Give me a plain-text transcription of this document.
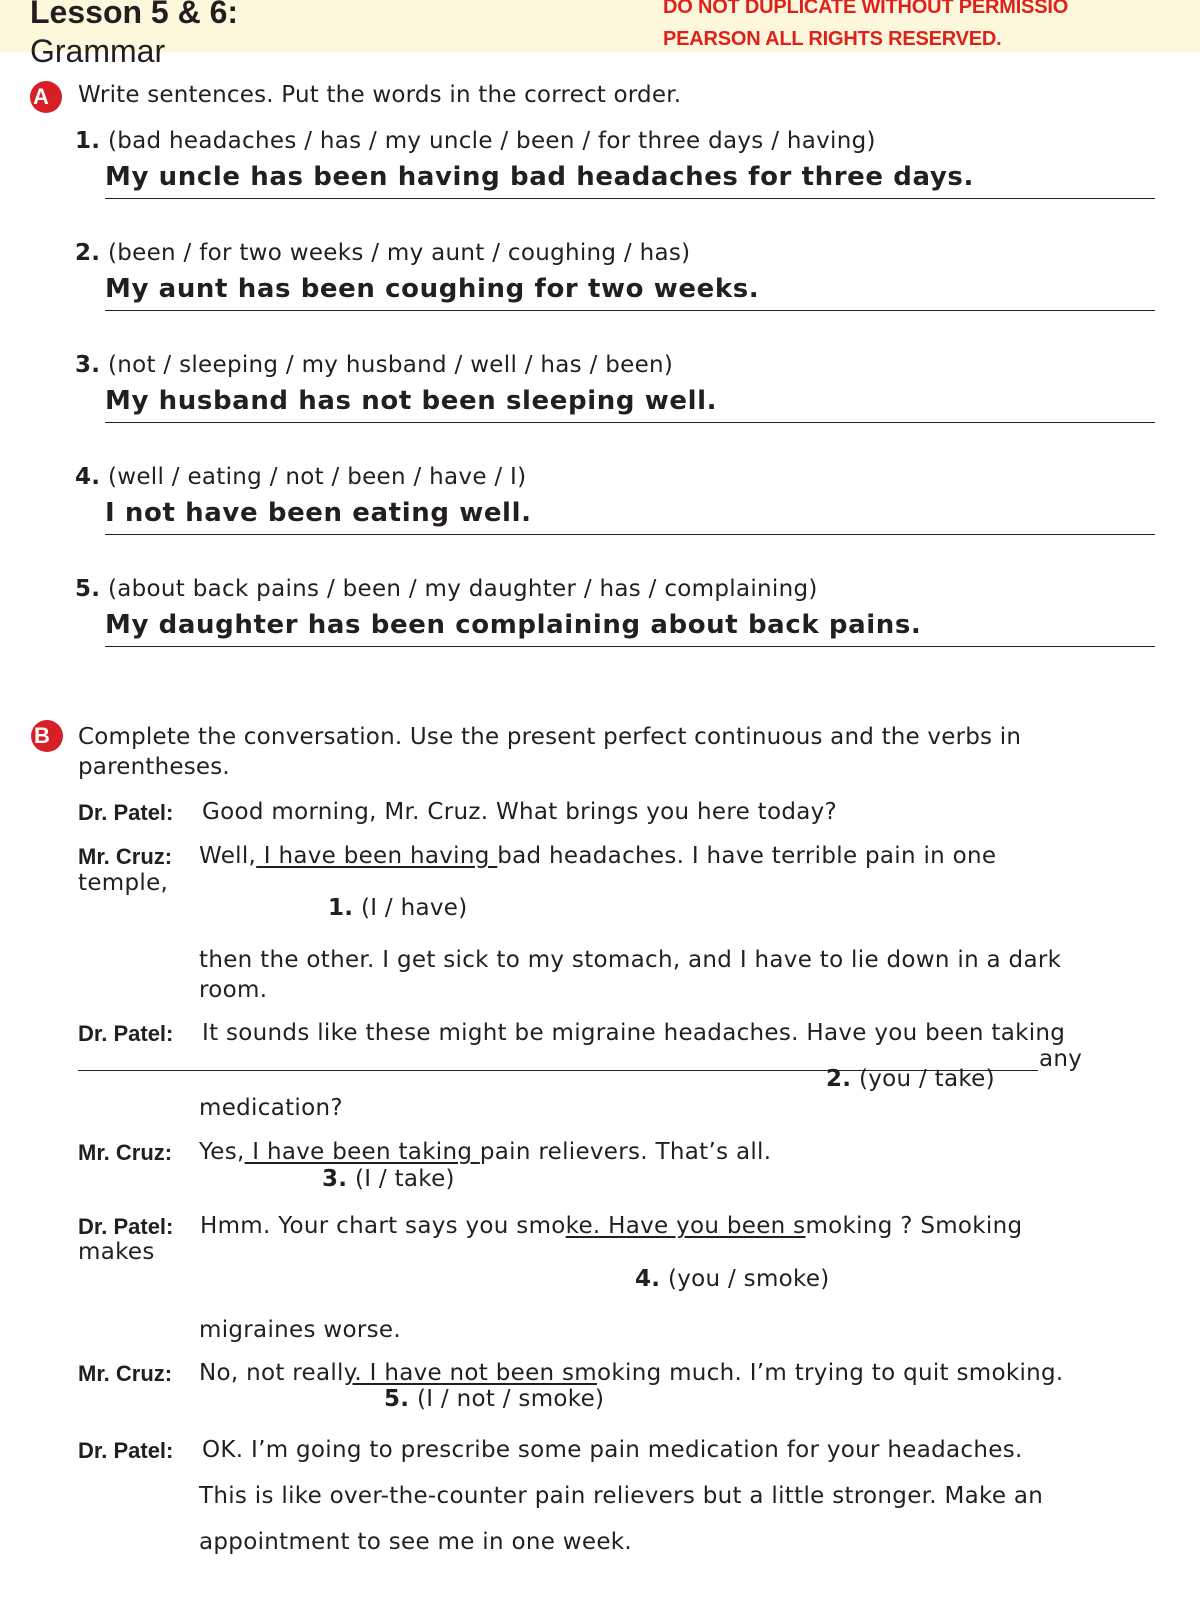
Lesson 5 & 6:
Grammar
DO NOT DUPLICATE WITHOUT PERMISSIO
PEARSON ALL RIGHTS RESERVED.
A	Write sentences. Put the words in the correct order.
1. (bad headaches / has / my uncle / been / for three days / having)
My uncle has been having bad headaches for three days.
2. (been / for two weeks / my aunt / coughing / has)
My aunt has been coughing for two weeks.
3. (not / sleeping / my husband / well / has / been)
My husband has not been sleeping well.
4. (well / eating / not / been / have / I)
I not have been eating well.
5. (about back pains / been / my daughter / has / complaining)
My daughter has been complaining about back pains.
B	Complete the conversation. Use the present perfect continuous and the verbs in parentheses.
Dr. Patel: Good morning, Mr. Cruz. What brings you here today?
Mr. Cruz: Well, I have been having bad headaches. I have terrible pain in one
temple,
1. (I / have)
then the other. I get sick to my stomach, and I have to lie down in a dark
room.
Dr. Patel: It sounds like these might be migraine headaches. Have you been taking
any
2. (you / take)
medication?
Mr. Cruz: Yes, I have been taking pain relievers. That’s all.
3. (I / take)
Dr. Patel: Hmm. Your chart says you smoke. Have you been smoking ? Smoking
makes
4. (you / smoke)
migraines worse.
Mr. Cruz: No, not really. I have not been smoking much. I’m trying to quit smoking.
5. (I / not / smoke)
Dr. Patel: OK. I’m going to prescribe some pain medication for your headaches.
This is like over-the-counter pain relievers but a little stronger. Make an
appointment to see me in one week.
